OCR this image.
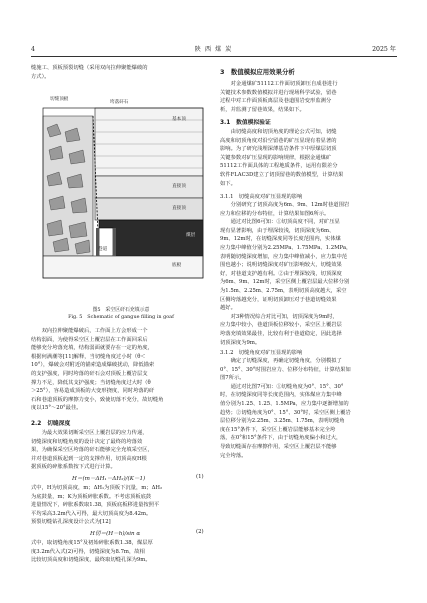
4	陕 西 煤 炭	2025 年
缝施工、顶板预裂切缝（采用双向拉伸聚能爆破的
方式）。
切缝顶板
垮落矸石
基本顶
直接顶
直接顶
煤层
底板
巷道
图5　采空区矸石充填示意
Fig. 5　Schematic of gangue filling in goaf
　　双向拉伸聚能爆破后，工作面上方会形成一个
结构弱面，为使得采空区上覆岩层在工作面回采后
能够充分垮落充填，结构弱面就要存在一定的角度，
根据何满潮等[11]解释，当切缝角度过小时（θ＜
10°），爆破会对附近的锚索造成爆破扰动，降低锚索
的支护强度，同时垮落的矸石会对顶板上覆岩层支
撑力不足，降低其支护强度；当切缝角度过大时（θ
＞25°），容易造成顶板的大变形挠度，同时垮落的矸
石和巷道顶板的摩擦力变小，致使切落不充分，故切缝角
度以15°～20°最佳。
2.2　切缝深度
　　为最大效果切断采空区上覆岩层的应力传递，
切缝深度和切缝角度的设计决定了最终的垮落效
果，为确保采空区垮落的矸石能够完全充填采空区，
并对巷道顶板起到一定的支撑作用，切顶高度H根
据顶板的碎胀系数按下式进行计算。
H＝(m－ΔH₁－ΔH₂)/(K－1)	(1)
式中，H为切顶高度，m；ΔH₁为顶板下沉量，m；ΔH₂
为底鼓量，m；K为顶板碎胀系数。不考虑顶板底鼓
进量情况下，碎胀系数取1.38，顶板底板移进量按照平
平均采高3.2m代入可得，最大切顶高度为8.42m。
预裂切缝钻孔深度设计公式为[12]
H切＝(H－h)/sin α	(2)
式中，取切缝角度15°及初始碎胀系数1.38，煤层厚
度3.2m代入式(2)可得，切缝深度为8.7m，故相
比较切顶高度和切缝深度，最终取切缝孔深为9m。
3　数值模拟应用效果分析
　　对金通煤矿51112工作面切顶卸压自成巷进行
关键技术参数数值模拟并进行现场科学试验，留巷
过程中对工作面顶板离层及巷道围岩变形监测分
析，并监测了留巷效果，结果如下。
3.1　数值模拟验证
　　由切缝高度和切顶角度的理论公式可知，切缝
高度和切顶角度对沿空留巷的矿压显现有着显著的
影响。为了研究浅埋深薄基岩条件下中厚煤层切顶
关键参数对矿压显现的影响规律，根据金通煤矿
51112工作面具体的工程地质条件，运用有限差分
软件FLAC3D建立了切顶留巷的数值模型，计算结果
如下。
3.1.1　切缝高度对矿压显现的影响
　　分别研究了切顶高度为6m、9m、12m时巷道围岩
应力和位移的分布特征，计算结果如图6所示。
　　通过对比图6可知：①切顶高度不同，对矿压显
现有显著影响，由于埋深较浅，切顶深度为6m、
9m、12m时，在切缝深度同等长度范围内，实体煤
应力集中峰值分别为2.25MPa、1.75MPa、1.2MPa，
表明随切缝深度增加，应力集中峰值减小，应力集中范
围也越小；说明切缝深度对矿压影响较大，切缝效果
好，对巷道支护越有利。②由于埋深较浅，切顶深度
为6m、9m、12m时，采空区侧上覆岩层最大位移分别
为1.5m、2.25m、2.75m，表明切顶高度越大，采空
区侧垮落越充分，证明切顶卸压对于巷道切缝效果
越好。
　　对3种情况综合对比可知，切顶深度为9m时，
应力集中较小，巷道顶板位移较小，采空区上覆岩层
垮落充填效果最佳，比较有利于巷道稳定，因此选择
切顶深度为9m。
3.1.2　切缝角度对矿压显现的影响
　　确定了切缝深度，再确定切缝角度，分别模拟了
0°、15°、30°时围岩应力、位移分布特征，计算结果如
图7所示。
　　通过对比图7可知：①切缝角度为0°、15°、30°
时，在切缝深度同等长度范围内，实体煤应力集中峰
值分别为1.25、1.25、1.5MPa，应力集中逐渐增加的
趋势；②切缝角度为0°、15°、30°时，采空区侧上覆岩
层位移分别为2.25m、3.25m、1.75m，表明切缝角
度在15°条件下，采空区上覆岩层能够基本完全垮
落，在0°和15°条件下，由于切缝角度偏小和过大，
导致切缝面存在摩擦作用，采空区上覆岩层不能够
完全垮落。
